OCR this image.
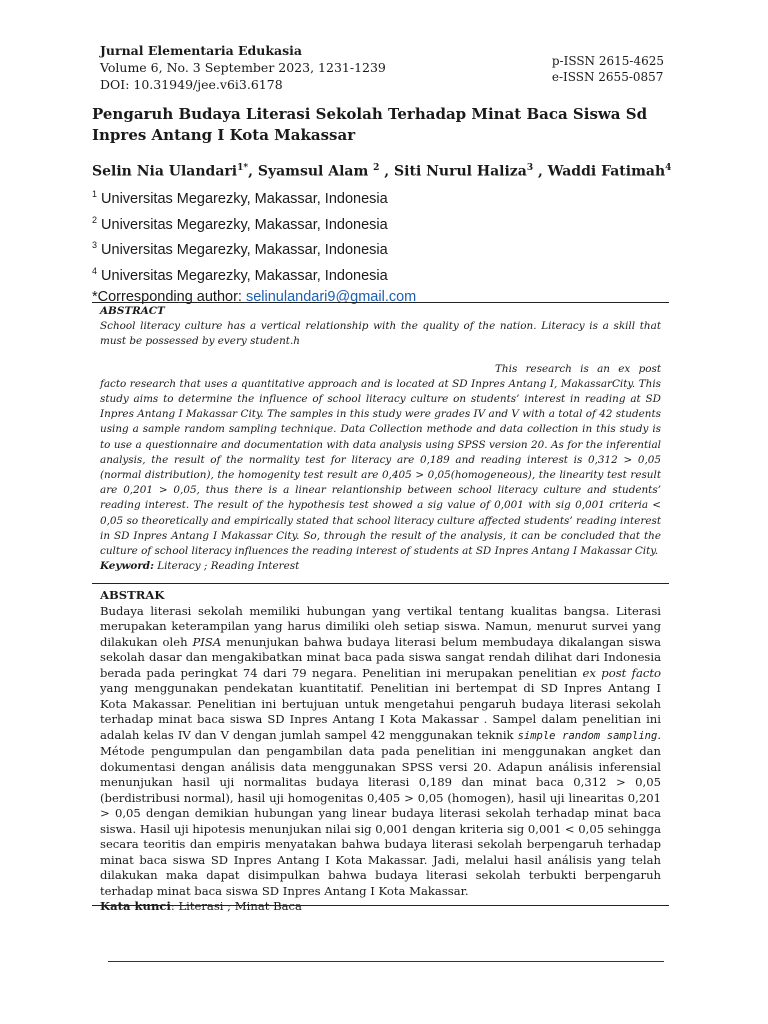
Jurnal Elementaria Edukasia
Volume 6, No. 3 September 2023, 1231-1239
DOI: 10.31949/jee.v6i3.6178
p-ISSN 2615-4625
e-ISSN 2655-0857
Pengaruh Budaya Literasi Sekolah Terhadap Minat Baca Siswa Sd Inpres Antang I Kota Makassar
Selin Nia Ulandari$^{1*}$, Syamsul Alam $^2$ , Siti Nurul Haliza$^3$ , Waddi Fatimah$^4$
$^1$ Universitas Megarezky, Makassar, Indonesia
$^2$ Universitas Megarezky, Makassar, Indonesia
$^3$ Universitas Megarezky, Makassar, Indonesia
$^4$ Universitas Megarezky, Makassar, Indonesia
*Corresponding author: selinulandari9@gmail.com
ABSTRACT
School literacy culture has a vertical relationship with the quality of the nation. Literacy is a skill that must be possessed by every student.h
This research is an ex post facto research that uses a quantitative approach and is located at SD Inpres Antang I, MakassarCity. This study aims to determine the influence of school literacy culture on students’ interest in reading at SD Inpres Antang I Makassar City. The samples in this study were grades IV and V with a total of 42 students using a sample random sampling technique. Data Collection methode and data collection in this study is to use a questionnaire and documentation with data analysis using SPSS version 20. As for the inferential analysis, the result of the normality test for literacy are 0,189 and reading interest is 0,312 > 0,05 (normal distribution), the homogenity test result are 0,405 > 0,05(homogeneous), the linearity test result are 0,201 > 0,05, thus there is a linear relantionship between school literacy culture and students’ reading interest. The result of the hypothesis test showed a sig value of 0,001 with sig 0,001 criteria < 0,05 so theoretically and empirically stated that school literacy culture affected students’ reading interest in SD Inpres Antang I Makassar City. So, through the result of the analysis, it can be concluded that the culture of school literacy influences the reading interest of students at SD Inpres Antang I Makassar City.
Keyword: Literacy ; Reading Interest
ABSTRAK
Budaya literasi sekolah memiliki hubungan yang vertikal tentang kualitas bangsa. Literasi merupakan keterampilan yang harus dimiliki oleh setiap siswa. Namun, menurut survei yang dilakukan oleh PISA menunjukan bahwa budaya literasi belum membudaya dikalangan siswa sekolah dasar dan mengakibatkan minat baca pada siswa sangat rendah dilihat dari Indonesia berada pada peringkat 74 dari 79 negara. Penelitian ini merupakan penelitian ex post facto yang menggunakan pendekatan kuantitatif. Penelitian ini bertempat di SD Inpres Antang I Kota Makassar. Penelitian ini bertujuan untuk mengetahui pengaruh budaya literasi sekolah terhadap minat baca siswa SD Inpres Antang I Kota Makassar . Sampel dalam penelitian ini adalah kelas IV dan V dengan jumlah sampel 42 menggunakan teknik simple random sampling. Métode pengumpulan dan pengambilan data pada penelitian ini menggunakan angket dan dokumentasi dengan análisis data menggunakan SPSS versi 20. Adapun análisis inferensial menunjukan hasil uji normalitas budaya literasi 0,189 dan minat baca 0,312 > 0,05 (berdistribusi normal), hasil uji homogenitas 0,405 > 0,05 (homogen), hasil uji linearitas 0,201 > 0,05 dengan demikian hubungan yang linear budaya literasi sekolah terhadap minat baca siswa. Hasil uji hipotesis menunjukan nilai sig 0,001 dengan kriteria sig 0,001 < 0,05 sehingga secara teoritis dan empiris menyatakan bahwa budaya literasi sekolah berpengaruh terhadap minat baca siswa SD Inpres Antang I Kota Makassar. Jadi, melalui hasil análisis yang telah dilakukan maka dapat disimpulkan bahwa budaya literasi sekolah terbukti berpengaruh terhadap minat baca siswa SD Inpres Antang I Kota Makassar.
Kata kunci: Literasi ; Minat Baca
